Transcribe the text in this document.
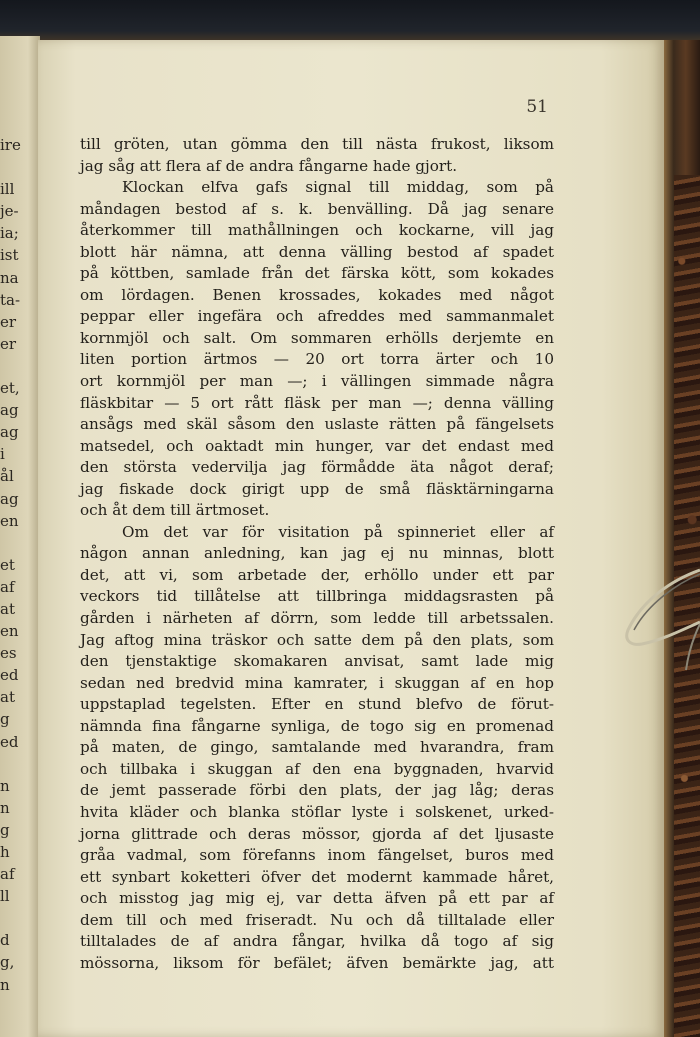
ire
ill
je-
ia;
ist
na
ta-
er
er
et,
ag
ag
i
ål
ag
en
et
af
at
en
es
ed
at
g
ed
n
n
g
h
af
ll
d
g,
n
51
till gröten, utan gömma den till nästa frukost, liksom
jag såg att flera af de andra fångarne hade gjort.
Klockan elfva gafs signal till middag, som på
måndagen bestod af s. k. benvälling. Då jag senare
återkommer till mathållningen och kockarne, vill jag
blott här nämna, att denna välling bestod af spadet
på köttben, samlade från det färska kött, som kokades
om lördagen. Benen krossades, kokades med något
peppar eller ingefära och afreddes med sammanmalet
kornmjöl och salt. Om sommaren erhölls derjemte en
liten portion ärtmos — 20 ort torra ärter och 10
ort kornmjöl per man —; i vällingen simmade några
fläskbitar — 5 ort rått fläsk per man —; denna välling
ansågs med skäl såsom den uslaste rätten på fängelsets
matsedel, och oaktadt min hunger, var det endast med
den största vedervilja jag förmådde äta något deraf;
jag fiskade dock girigt upp de små fläsktärningarna
och åt dem till ärtmoset.
Om det var för visitation på spinneriet eller af
någon annan anledning, kan jag ej nu minnas, blott
det, att vi, som arbetade der, erhöllo under ett par
veckors tid tillåtelse att tillbringa middagsrasten på
gården i närheten af dörrn, som ledde till arbetssalen.
Jag aftog mina träskor och satte dem på den plats, som
den tjenstaktige skomakaren anvisat, samt lade mig
sedan ned bredvid mina kamrater, i skuggan af en hop
uppstaplad tegelsten. Efter en stund blefvo de förut-
nämnda fina fångarne synliga, de togo sig en promenad
på maten, de gingo, samtalande med hvarandra, fram
och tillbaka i skuggan af den ena byggnaden, hvarvid
de jemt passerade förbi den plats, der jag låg; deras
hvita kläder och blanka stöflar lyste i solskenet, urked-
jorna glittrade och deras mössor, gjorda af det ljusaste
gråa vadmal, som förefanns inom fängelset, buros med
ett synbart koketteri öfver det modernt kammade håret,
och misstog jag mig ej, var detta äfven på ett par af
dem till och med friseradt. Nu och då tilltalade eller
tilltalades de af andra fångar, hvilka då togo af sig
mössorna, liksom för befälet; äfven bemärkte jag, att
